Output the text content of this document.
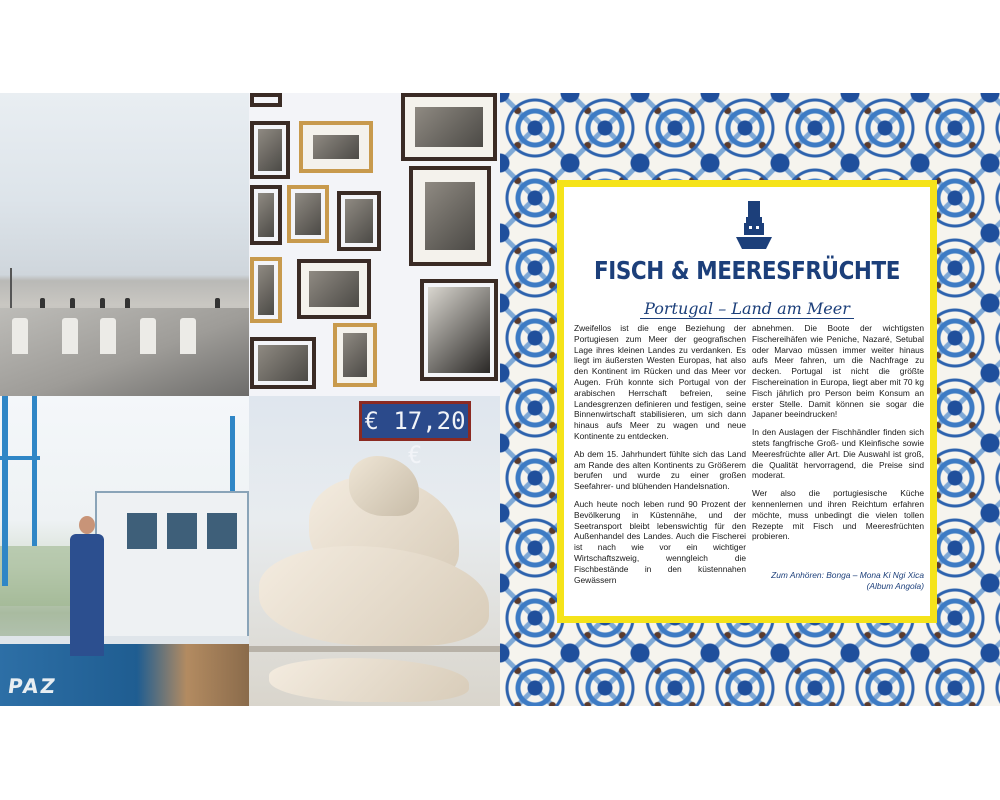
PAZ
€ 17,20 €
FISCH & MEERESFRÜCHTE
Portugal – Land am Meer

Zweifellos ist die enge Beziehung der Portugiesen zum Meer der geografischen Lage ihres kleinen Landes zu verdanken. Es liegt im äußersten Westen Europas, hat also den Kontinent im Rücken und das Meer vor Augen. Früh konnte sich Portugal von der arabischen Herrschaft befreien, seine Landesgrenzen definieren und festigen, seine Binnenwirtschaft stabilisieren, um sich dann hinaus aufs Meer zu wagen und neue Kontinente zu entdecken.

Ab dem 15. Jahrhundert fühlte sich das Land am Rande des alten Kontinents zu Größerem berufen und wurde zu einer großen Seefahrer- und blühenden Handelsnation.

Auch heute noch leben rund 90 Prozent der Bevölkerung in Küstennähe, und der Seetransport bleibt lebenswichtig für den Außenhandel des Landes. Auch die Fischerei ist nach wie vor ein wichtiger Wirtschaftszweig, wenngleich die Fischbestände in den küstennahen Gewässern

abnehmen. Die Boote der wichtigsten Fischereihäfen wie Peniche, Nazaré, Setubal oder Marvao müssen immer weiter hinaus aufs Meer fahren, um die Nachfrage zu decken. Portugal ist nicht die größte Fischereination in Europa, liegt aber mit 70 kg Fisch jährlich pro Person beim Konsum an erster Stelle. Damit können sie sogar die Japaner beeindrucken!

In den Auslagen der Fischhändler finden sich stets fangfrische Groß- und Kleinfische sowie Meeresfrüchte aller Art. Die Auswahl ist groß, die Qualität hervorragend, die Preise sind moderat.

Wer also die portugiesische Küche kennenlernen und ihren Reichtum erfahren möchte, muss unbedingt die vielen tollen Rezepte mit Fisch und Meeresfrüchten probieren.

Zum Anhören: Bonga – Mona Ki Ngi Xica (Album Angola)
